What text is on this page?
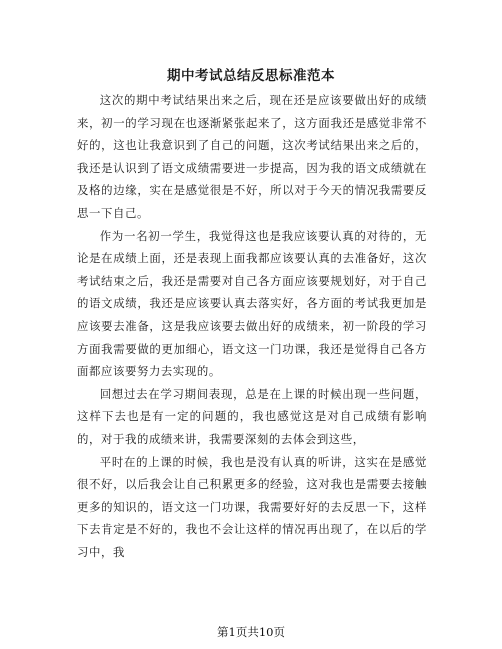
期中考试总结反思标准范本

这次的期中考试结果出来之后，现在还是应该要做出好的成绩来，初一的学习现在也逐渐紧张起来了，这方面我还是感觉非常不好的，这也让我意识到了自己的问题，这次考试结果出来之后的，我还是认识到了语文成绩需要进一步提高，因为我的语文成绩就在及格的边缘，实在是感觉很是不好，所以对于今天的情况我需要反思一下自己。

作为一名初一学生，我觉得这也是我应该要认真的对待的，无论是在成绩上面，还是表现上面我都应该要认真的去准备好，这次考试结束之后，我还是需要对自己各方面应该要规划好，对于自己的语文成绩，我还是应该要认真去落实好，各方面的考试我更加是应该要去准备，这是我应该要去做出好的成绩来，初一阶段的学习方面我需要做的更加细心，语文这一门功课，我还是觉得自己各方面都应该要努力去实现的。

回想过去在学习期间表现，总是在上课的时候出现一些问题，这样下去也是有一定的问题的，我也感觉这是对自己成绩有影响的，对于我的成绩来讲，我需要深刻的去体会到这些，

平时在的上课的时候，我也是没有认真的听讲，这实在是感觉很不好，以后我会让自己积累更多的经验，这对我也是需要去接触更多的知识的，语文这一门功课，我需要好好的去反思一下，这样下去肯定是不好的，我也不会让这样的情况再出现了，在以后的学习中，我

第1页共10页
